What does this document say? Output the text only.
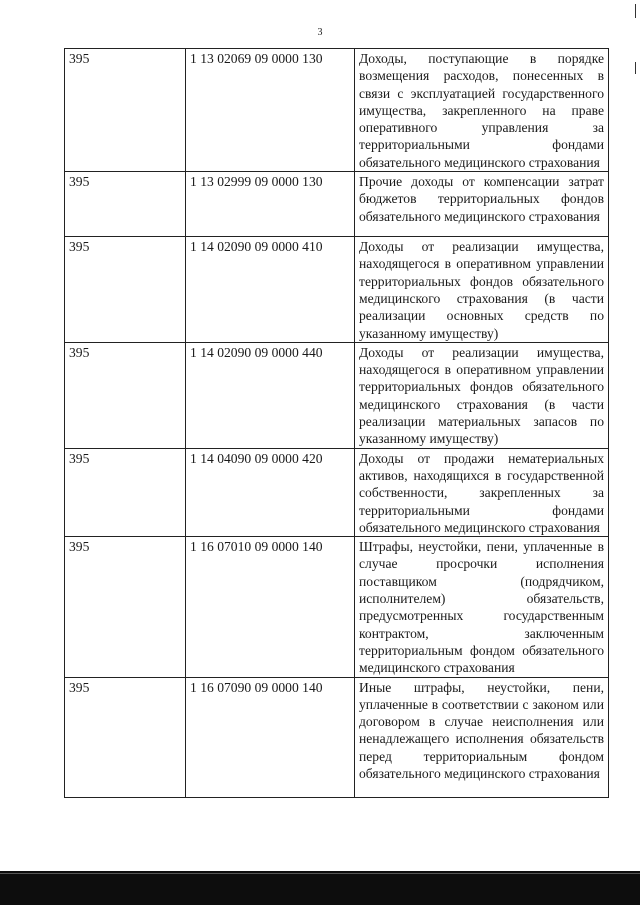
3
395	1 13 02069 09 0000 130	Доходы, поступающие в порядке возмещения расходов, понесенных в связи с эксплуатацией государственного имущества, закрепленного на праве оперативного управления за территориальными фондами обязательного медицинского страхования
395	1 13 02999 09 0000 130	Прочие доходы от компенсации затрат бюджетов территориальных фондов обязательного медицинского страхования
395	1 14 02090 09 0000 410	Доходы от реализации имущества, находящегося в оперативном управлении территориальных фондов обязательного медицинского страхования (в части реализации основных средств по указанному имуществу)
395	1 14 02090 09 0000 440	Доходы от реализации имущества, находящегося в оперативном управлении территориальных фондов обязательного медицинского страхования (в части реализации материальных запасов по указанному имуществу)
395	1 14 04090 09 0000 420	Доходы от продажи нематериальных активов, находящихся в государственной собственности, закрепленных за территориальными фондами обязательного медицинского страхования
395	1 16 07010 09 0000 140	Штрафы, неустойки, пени, уплаченные в случае просрочки исполнения поставщиком (подрядчиком, исполнителем) обязательств, предусмотренных государственным контрактом, заключенным территориальным фондом обязательного медицинского страхования
395	1 16 07090 09 0000 140	Иные штрафы, неустойки, пени, уплаченные в соответствии с законом или договором в случае неисполнения или ненадлежащего исполнения обязательств перед территориальным фондом обязательного медицинского страхования
